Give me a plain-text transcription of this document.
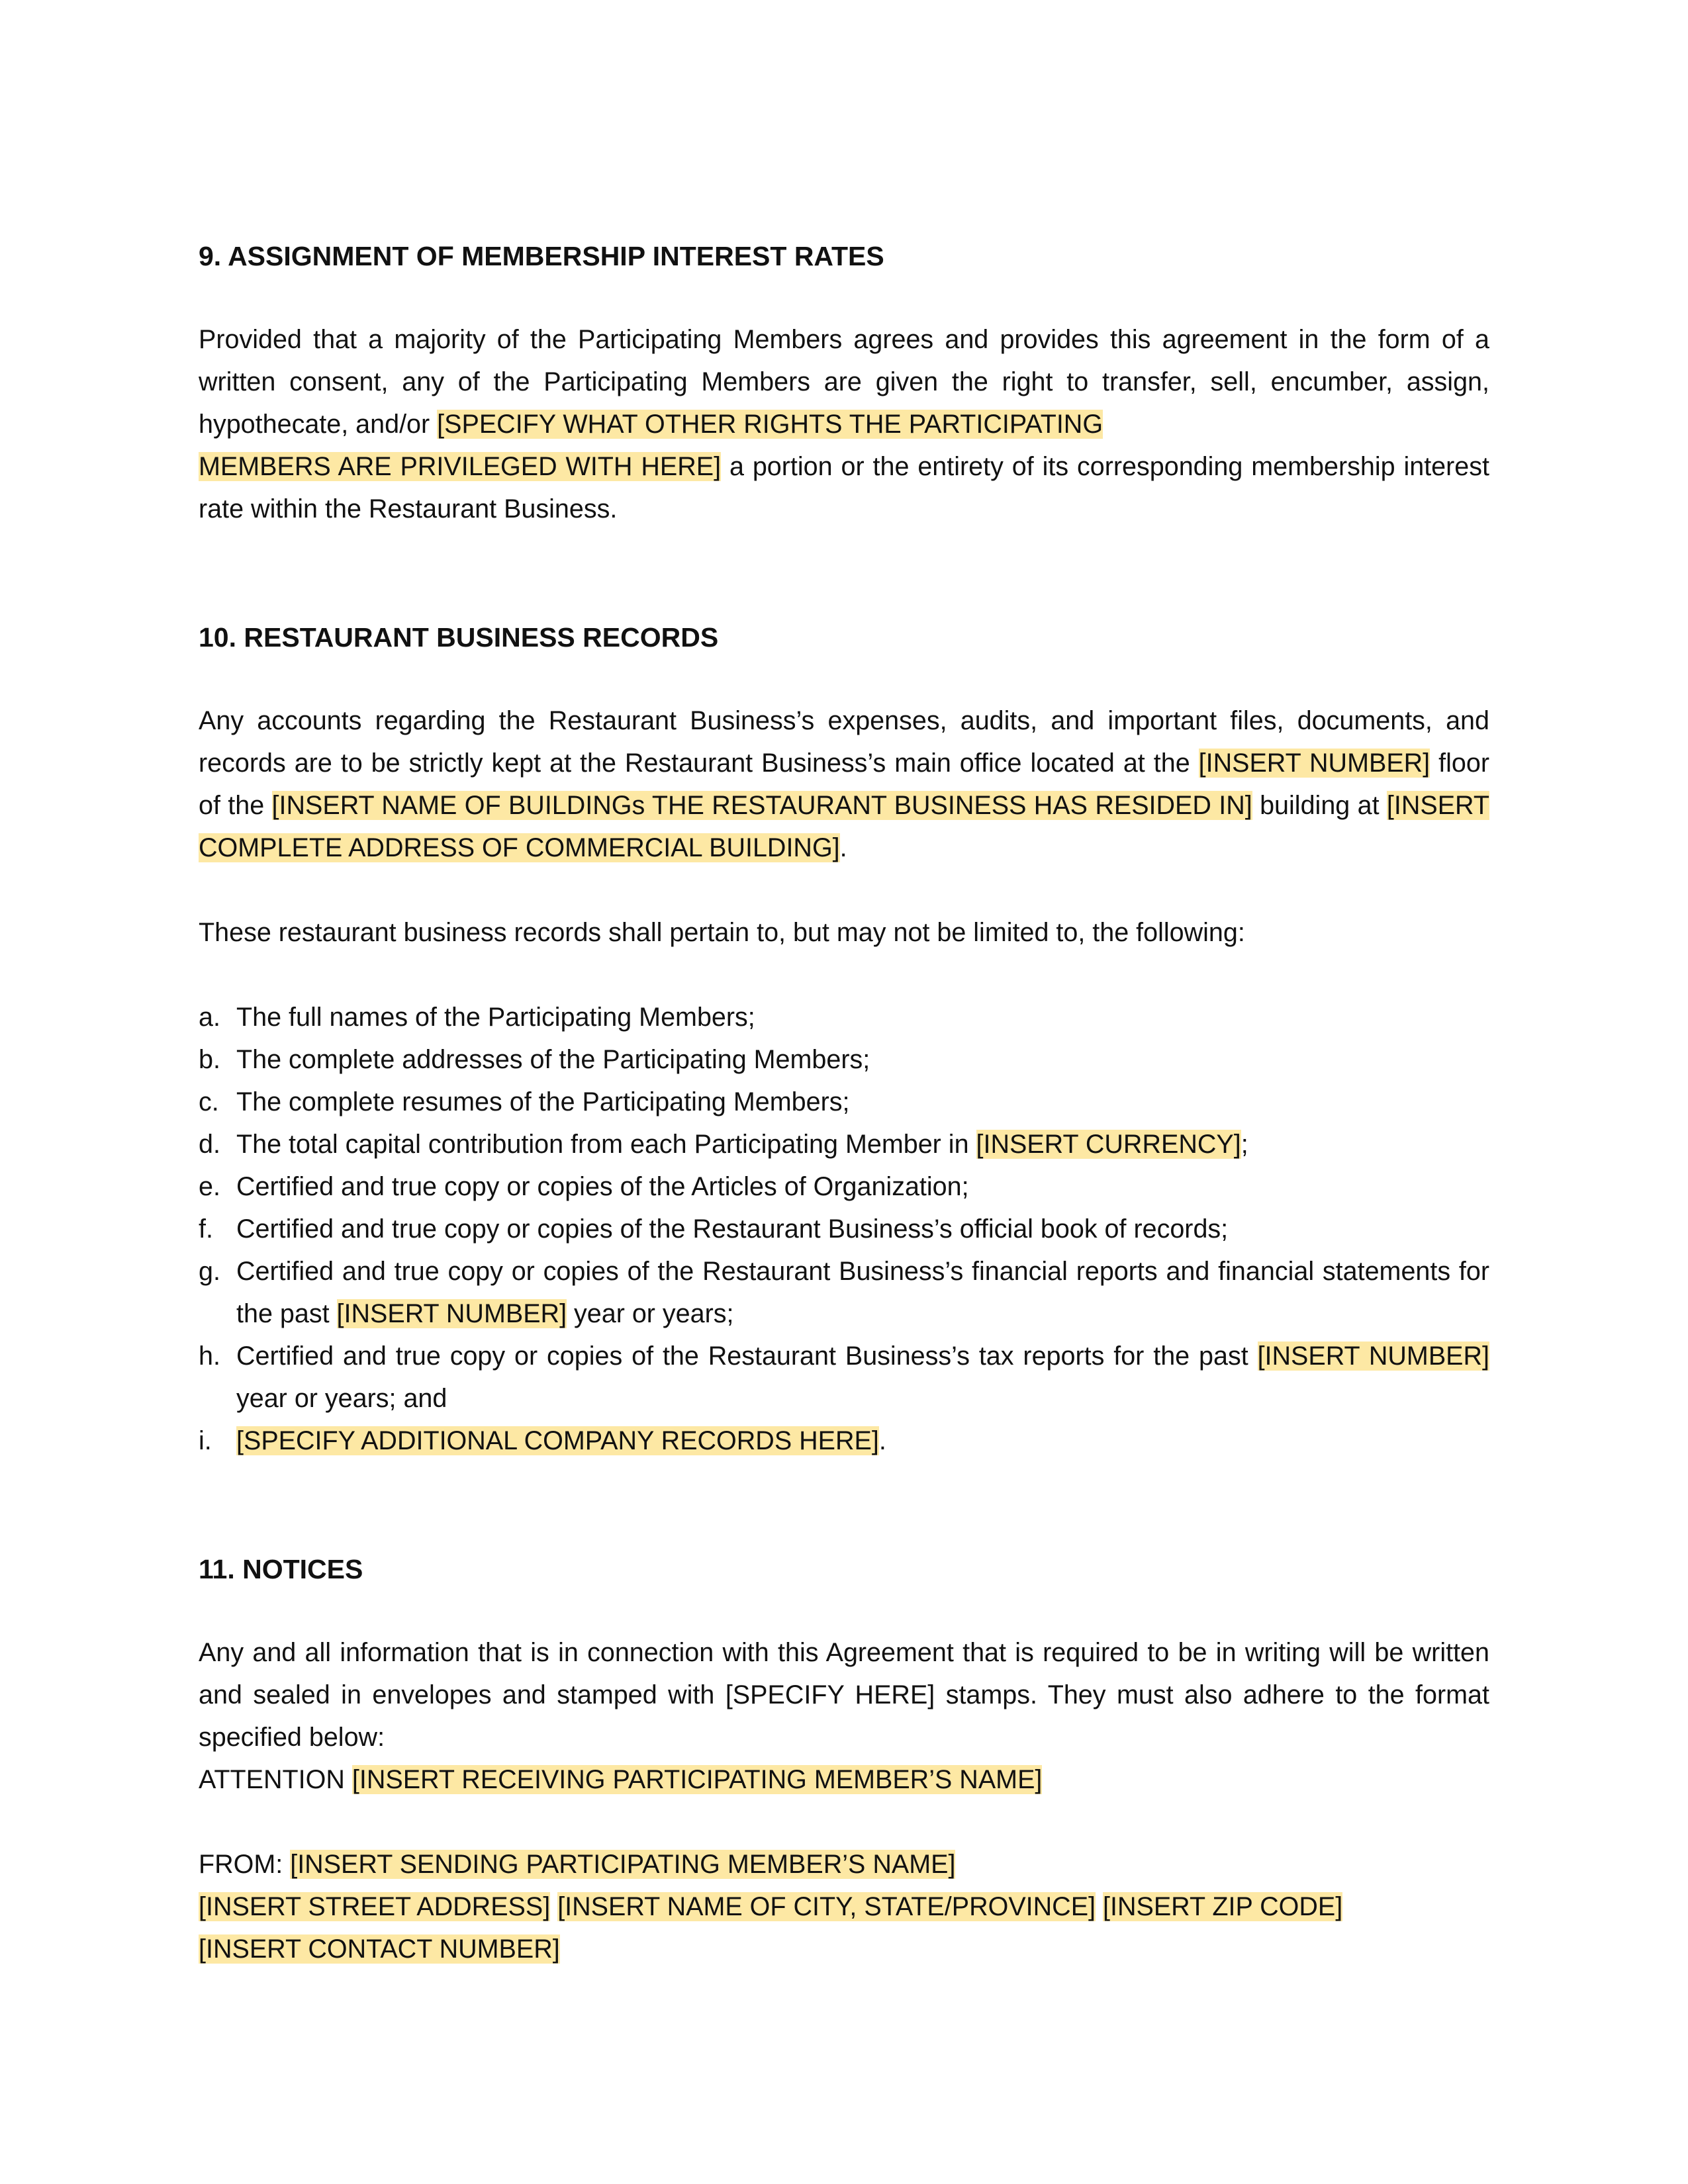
9. ASSIGNMENT OF MEMBERSHIP INTEREST RATES

Provided that a majority of the Participating Members agrees and provides this agreement in the form of a written consent, any of the Participating Members are given the right to transfer, sell, encumber, assign, hypothecate, and/or [SPECIFY WHAT OTHER RIGHTS THE PARTICIPATING
MEMBERS ARE PRIVILEGED WITH HERE] a portion or the entirety of its corresponding membership interest rate within the Restaurant Business.

10. RESTAURANT BUSINESS RECORDS

Any accounts regarding the Restaurant Business’s expenses, audits, and important files, documents, and records are to be strictly kept at the Restaurant Business’s main office located at the [INSERT NUMBER] floor of the [INSERT NAME OF BUILDINGs THE RESTAURANT BUSINESS HAS RESIDED IN] building at [INSERT COMPLETE ADDRESS OF COMMERCIAL BUILDING].

These restaurant business records shall pertain to, but may not be limited to, the following:

a. The full names of the Participating Members;
b. The complete addresses of the Participating Members;
c. The complete resumes of the Participating Members;
d. The total capital contribution from each Participating Member in [INSERT CURRENCY];
e. Certified and true copy or copies of the Articles of Organization;
f. Certified and true copy or copies of the Restaurant Business’s official book of records;
g. Certified and true copy or copies of the Restaurant Business’s financial reports and financial statements for the past [INSERT NUMBER] year or years;
h. Certified and true copy or copies of the Restaurant Business’s tax reports for the past [INSERT NUMBER] year or years; and
i. [SPECIFY ADDITIONAL COMPANY RECORDS HERE].
11. NOTICES

Any and all information that is in connection with this Agreement that is required to be in writing will be written and sealed in envelopes and stamped with [SPECIFY HERE] stamps. They must also adhere to the format specified below:

ATTENTION [INSERT RECEIVING PARTICIPATING MEMBER’S NAME]

FROM: [INSERT SENDING PARTICIPATING MEMBER’S NAME]

[INSERT STREET ADDRESS] [INSERT NAME OF CITY, STATE/PROVINCE] [INSERT ZIP CODE]

[INSERT CONTACT NUMBER]
